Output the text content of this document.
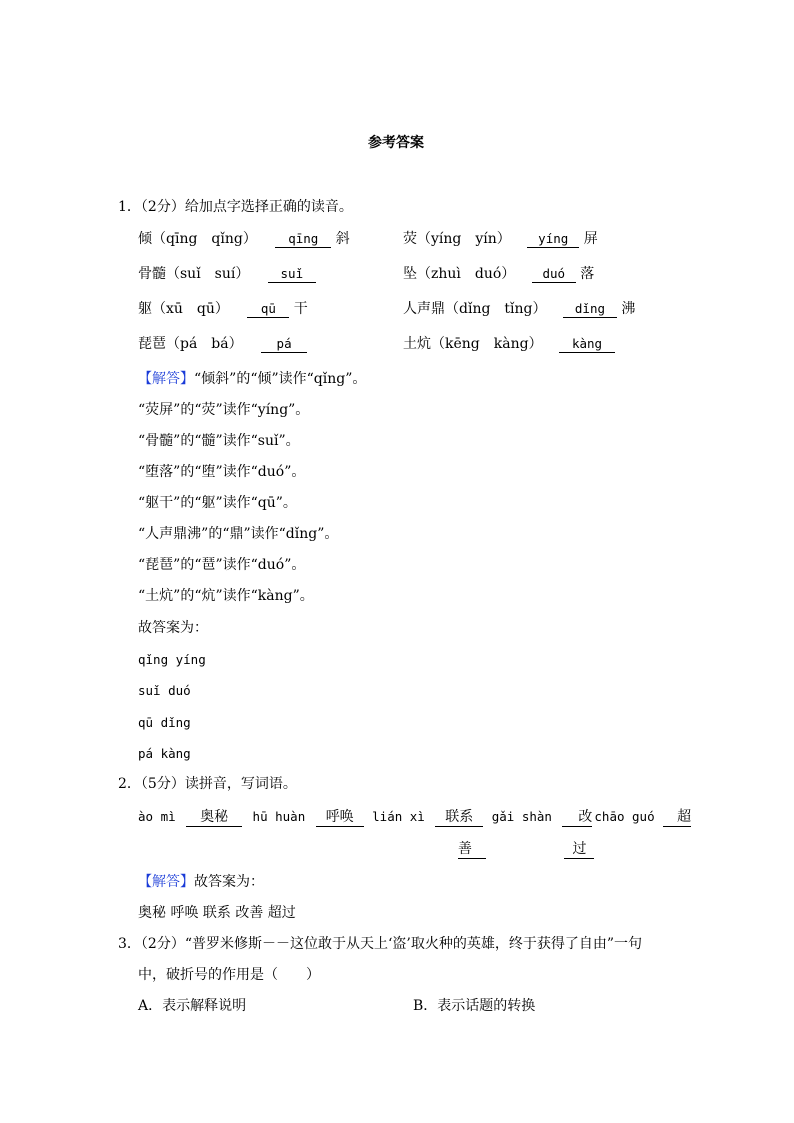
参考答案
1．（2分）给加点字选择正确的读音。
倾（qīng　qǐng）	qīng 斜	荧（yíng　yín） yíng 屏
骨髓（suǐ　suí） suǐ	坠（zhuì　duó） duó 落
躯（xū　qū）	qū 干	人声鼎（dǐng　tǐng） dǐng 沸
琵琶（pá　bá）	pá	土炕（kēng　kàng） kàng
【解答】“倾斜”的“倾”读作“qǐng”。
“荧屏”的“荧”读作“yíng”。
“骨髓”的“髓”读作“suǐ”。
“堕落”的“堕”读作“duó”。
“躯干”的“躯”读作“qū”。
“人声鼎沸”的“鼎”读作“dǐng”。
“琵琶”的“琶”读作“duó”。
“土炕”的“炕”读作“kàng”。
故答案为：
qǐng yíng
suǐ duó
qū dǐng
pá kàng
2．（5分）读拼音，写词语。
ào mì 奥秘 hū huàn 呼唤 lián xì 联系 gǎi shàn 改 chāo guó 超
善	过
【解答】故答案为：
奥秘 呼唤 联系 改善 超过
3．（2分）“普罗米修斯－－这位敢于从天上‘盗’取火种的英雄，终于获得了自由”一句
中，破折号的作用是（　　）
A．表示解释说明	B．表示话题的转换
